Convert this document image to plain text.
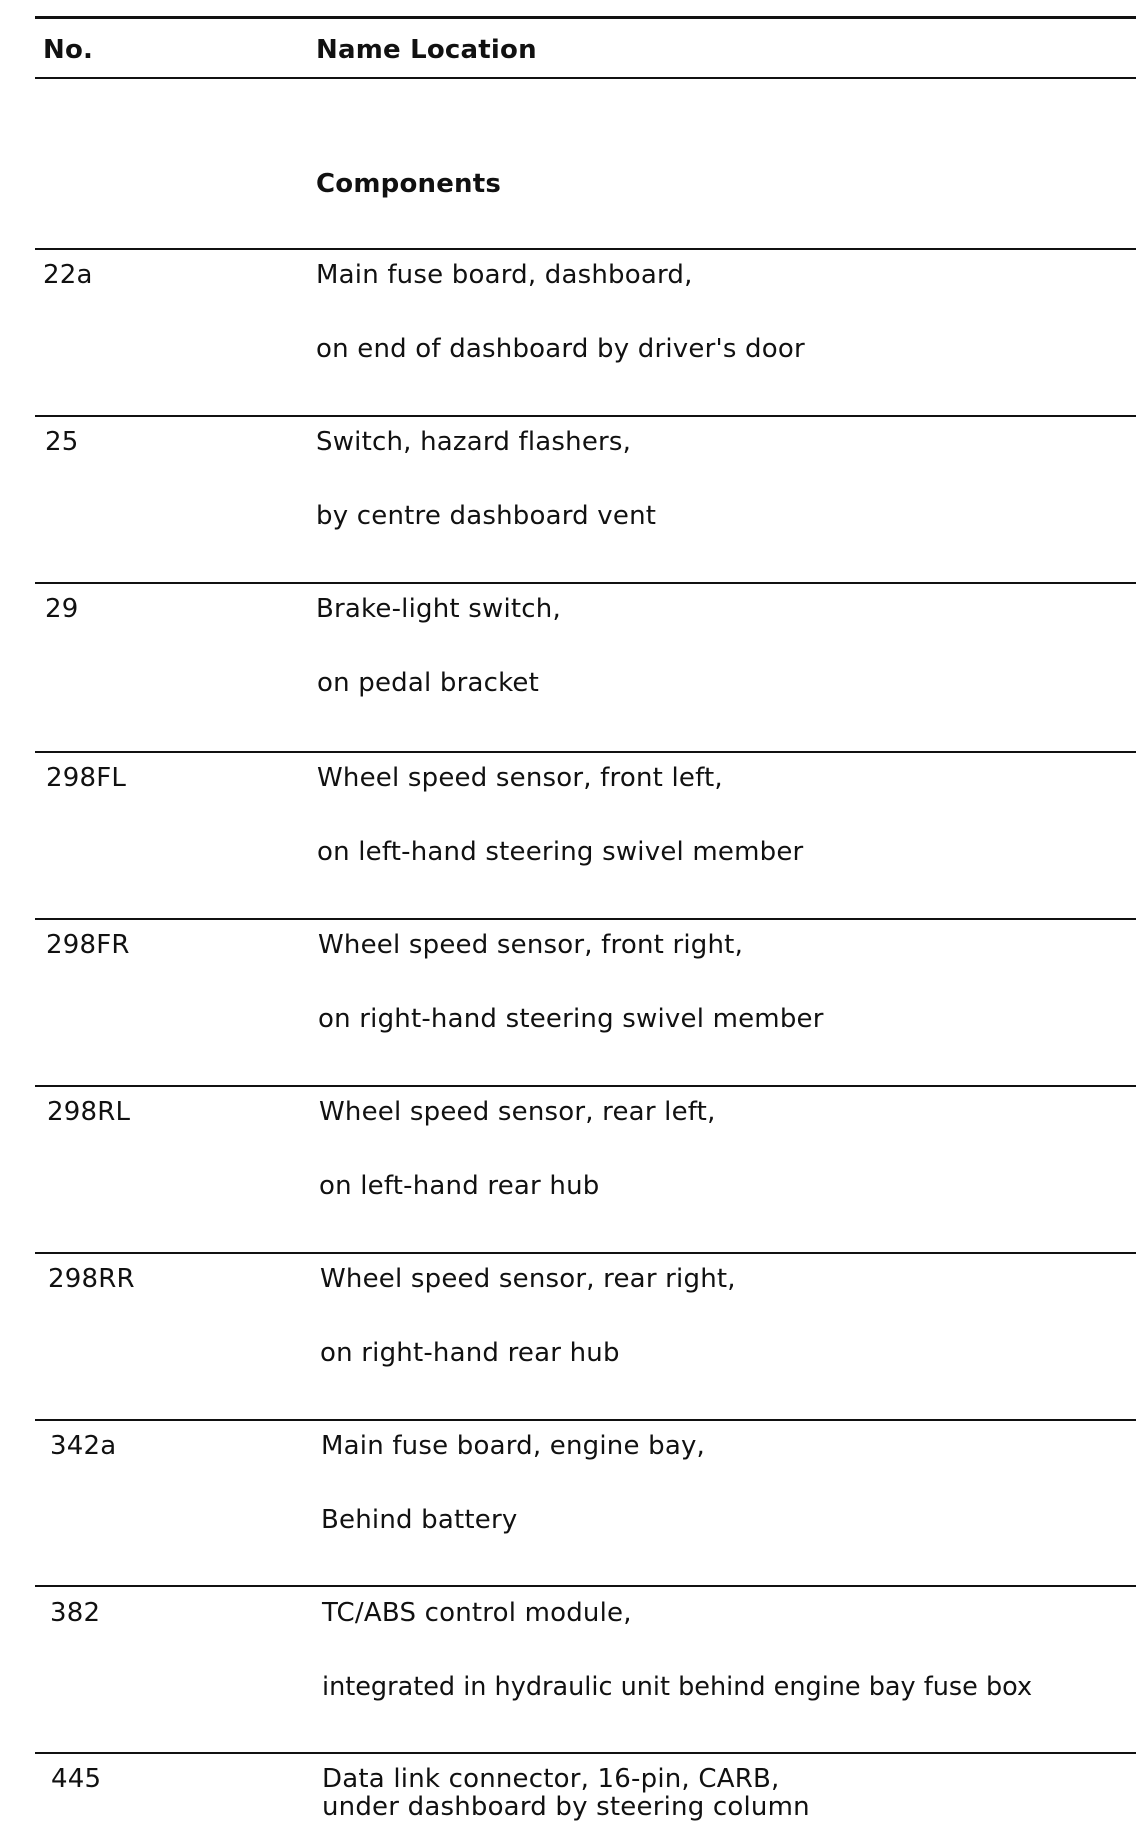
No.	Name Location
Components
22a	Main fuse board, dashboard,
on end of dashboard by driver's door
25	Switch, hazard flashers,
by centre dashboard vent
29	Brake-light switch,
on pedal bracket
298FL	Wheel speed sensor, front left,
on left-hand steering swivel member
298FR	Wheel speed sensor, front right,
on right-hand steering swivel member
298RL	Wheel speed sensor, rear left,
on left-hand rear hub
298RR	Wheel speed sensor, rear right,
on right-hand rear hub
342a	Main fuse board, engine bay,
Behind battery
382	TC/ABS control module,
integrated in hydraulic unit behind engine bay fuse box
445	Data link connector, 16-pin, CARB,
under dashboard by steering column
